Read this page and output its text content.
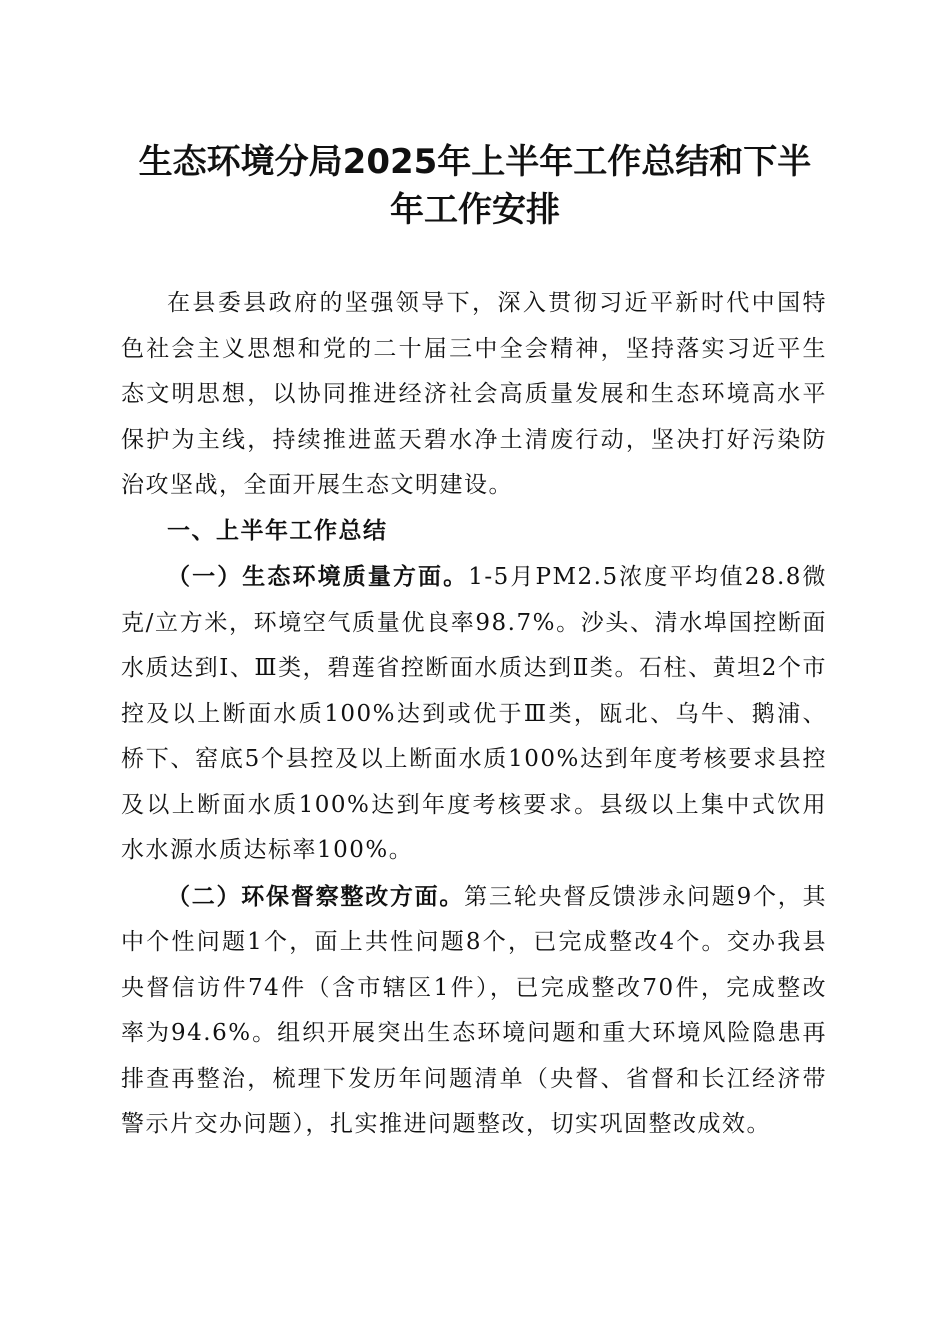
生态环境分局2025年上半年工作总结和下半
年工作安排

在县委县政府的坚强领导下，深入贯彻习近平新时代中国特色社会主义思想和党的二十届三中全会精神，坚持落实习近平生态文明思想，以协同推进经济社会高质量发展和生态环境高水平保护为主线，持续推进蓝天碧水净土清废行动，坚决打好污染防治攻坚战，全面开展生态文明建设。

一、上半年工作总结

（一）生态环境质量方面。1-5月PM2.5浓度平均值28.8微克/立方米，环境空气质量优良率98.7%。沙头、清水埠国控断面水质达到Ⅰ、Ⅲ类，碧莲省控断面水质达到Ⅱ类。石柱、黄坦2个市控及以上断面水质100%达到或优于Ⅲ类，瓯北、乌牛、鹅浦、桥下、窑底5个县控及以上断面水质100%达到年度考核要求县控及以上断面水质100%达到年度考核要求。县级以上集中式饮用水水源水质达标率100%。

（二）环保督察整改方面。第三轮央督反馈涉永问题9个，其中个性问题1个，面上共性问题8个，已完成整改4个。交办我县央督信访件74件（含市辖区1件），已完成整改70件，完成整改率为94.6%。组织开展突出生态环境问题和重大环境风险隐患再排查再整治，梳理下发历年问题清单（央督、省督和长江经济带警示片交办问题），扎实推进问题整改，切实巩固整改成效。
